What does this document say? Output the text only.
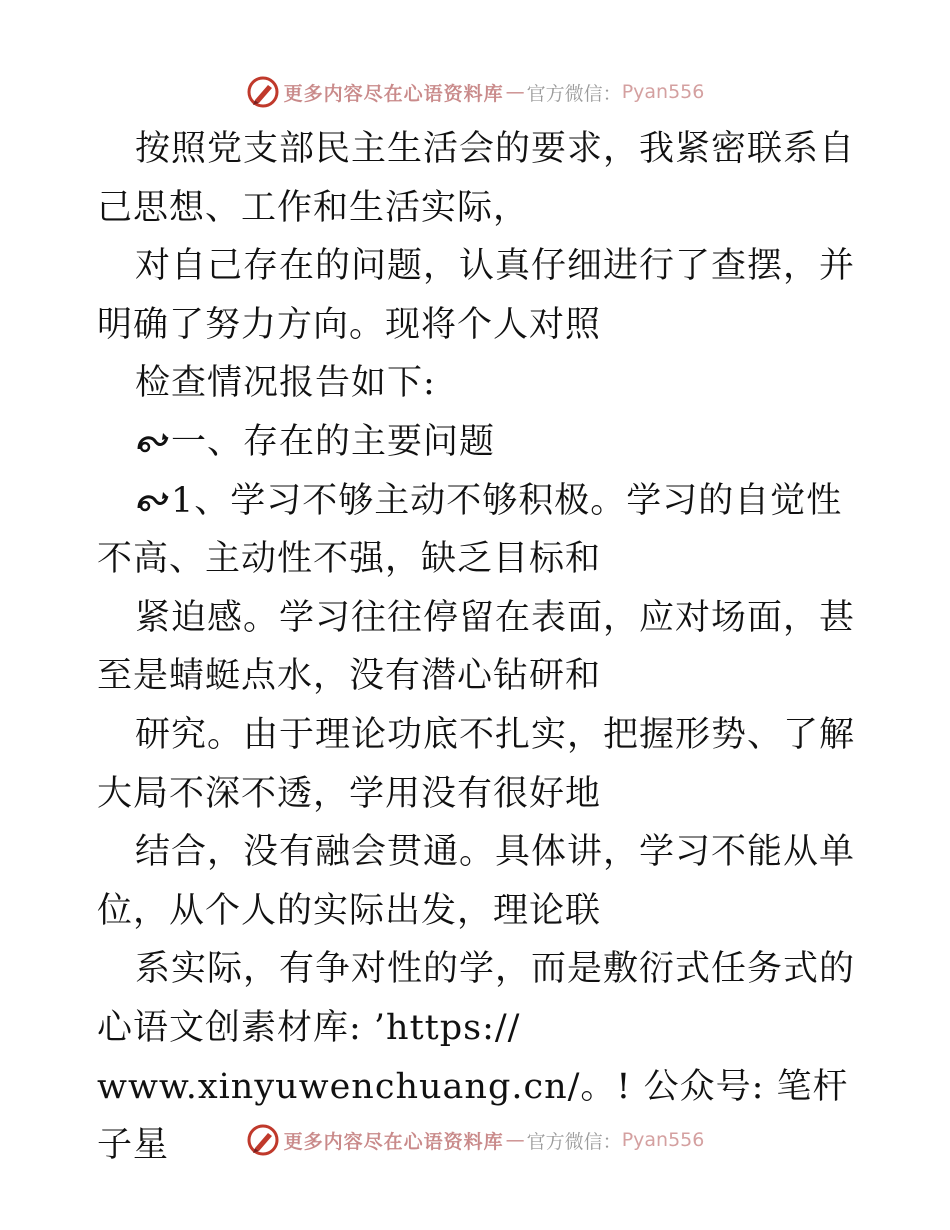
更多内容尽在心语资料库 — 官方微信： Pyan556

按照党支部民主生活会的要求，我紧密联系自己思想、工作和生活实际，

对自己存在的问题，认真仔细进行了查摆，并明确了努力方向。现将个人对照

检查情况报告如下:

一、存在的主要问题

1、学习不够主动不够积极。学习的自觉性不高、主动性不强，缺乏目标和

紧迫感。学习往往停留在表面，应对场面，甚至是蜻蜓点水，没有潜心钻研和

研究。由于理论功底不扎实，把握形势、了解大局不深不透，学用没有很好地

结合，没有融会贯通。具体讲，学习不能从单位，从个人的实际出发，理论联

系实际，有争对性的学，而是敷衍式任务式的心语文创素材库: ’https://

www.xinyuwenchuang.cn/。! 公众号: 笔杆子星	更多内容尽在心语资料库 — 官方微信： Pyan556
